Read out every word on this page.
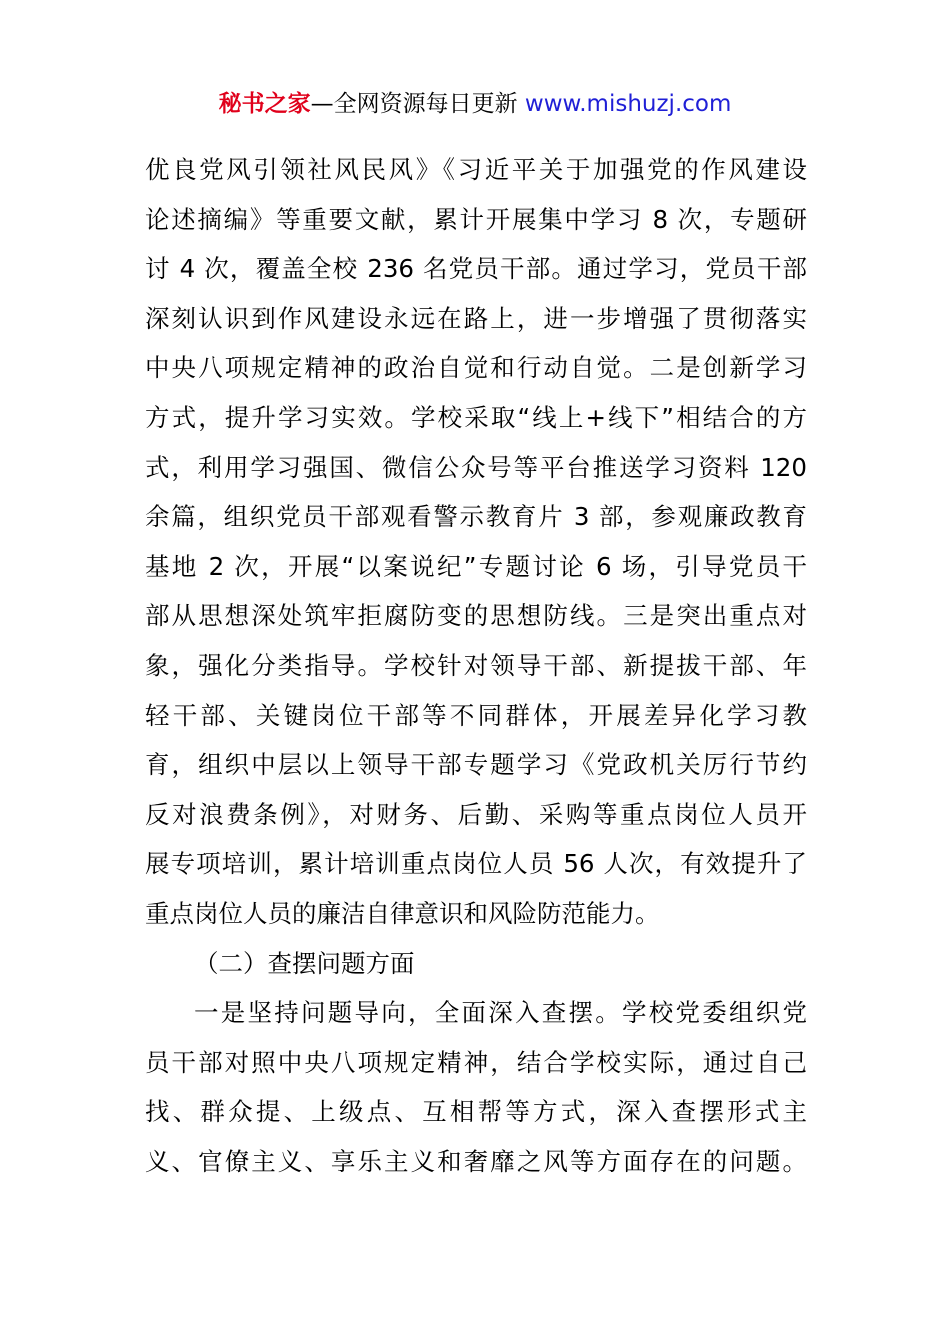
秘书之家—全网资源每日更新 www.mishuzj.com
优良党风引领社风民风》《习近平关于加强党的作风建设
论述摘编》等重要文献，累计开展集中学习 8 次，专题研
讨 4 次，覆盖全校 236 名党员干部。通过学习，党员干部
深刻认识到作风建设永远在路上，进一步增强了贯彻落实
中央八项规定精神的政治自觉和行动自觉。二是创新学习
方式，提升学习实效。学校采取“线上+线下”相结合的方
式，利用学习强国、微信公众号等平台推送学习资料 120
余篇，组织党员干部观看警示教育片 3 部，参观廉政教育
基地 2 次，开展“以案说纪”专题讨论 6 场，引导党员干
部从思想深处筑牢拒腐防变的思想防线。三是突出重点对
象，强化分类指导。学校针对领导干部、新提拔干部、年
轻干部、关键岗位干部等不同群体，开展差异化学习教
育，组织中层以上领导干部专题学习《党政机关厉行节约
反对浪费条例》，对财务、后勤、采购等重点岗位人员开
展专项培训，累计培训重点岗位人员 56 人次，有效提升了
重点岗位人员的廉洁自律意识和风险防范能力。
（二）查摆问题方面
一是坚持问题导向，全面深入查摆。学校党委组织党
员干部对照中央八项规定精神，结合学校实际，通过自己
找、群众提、上级点、互相帮等方式，深入查摆形式主
义、官僚主义、享乐主义和奢靡之风等方面存在的问题。
